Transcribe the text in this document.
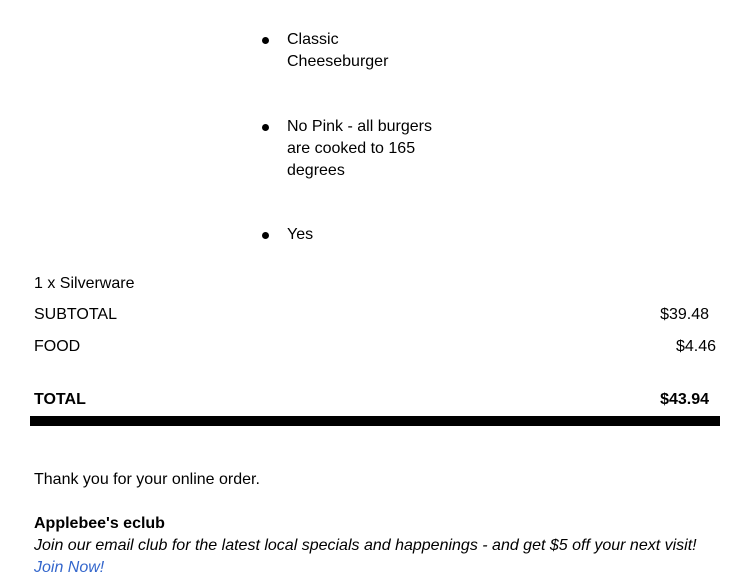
Classic Cheeseburger
No Pink - all burgers are cooked to 165 degrees
Yes
1 x Silverware
SUBTOTAL	$39.48
FOOD	$4.46
TOTAL	$43.94
Thank you for your online order.
Applebee's eclub
Join our email club for the latest local specials and happenings - and get $5 off your next visit! Join Now!
